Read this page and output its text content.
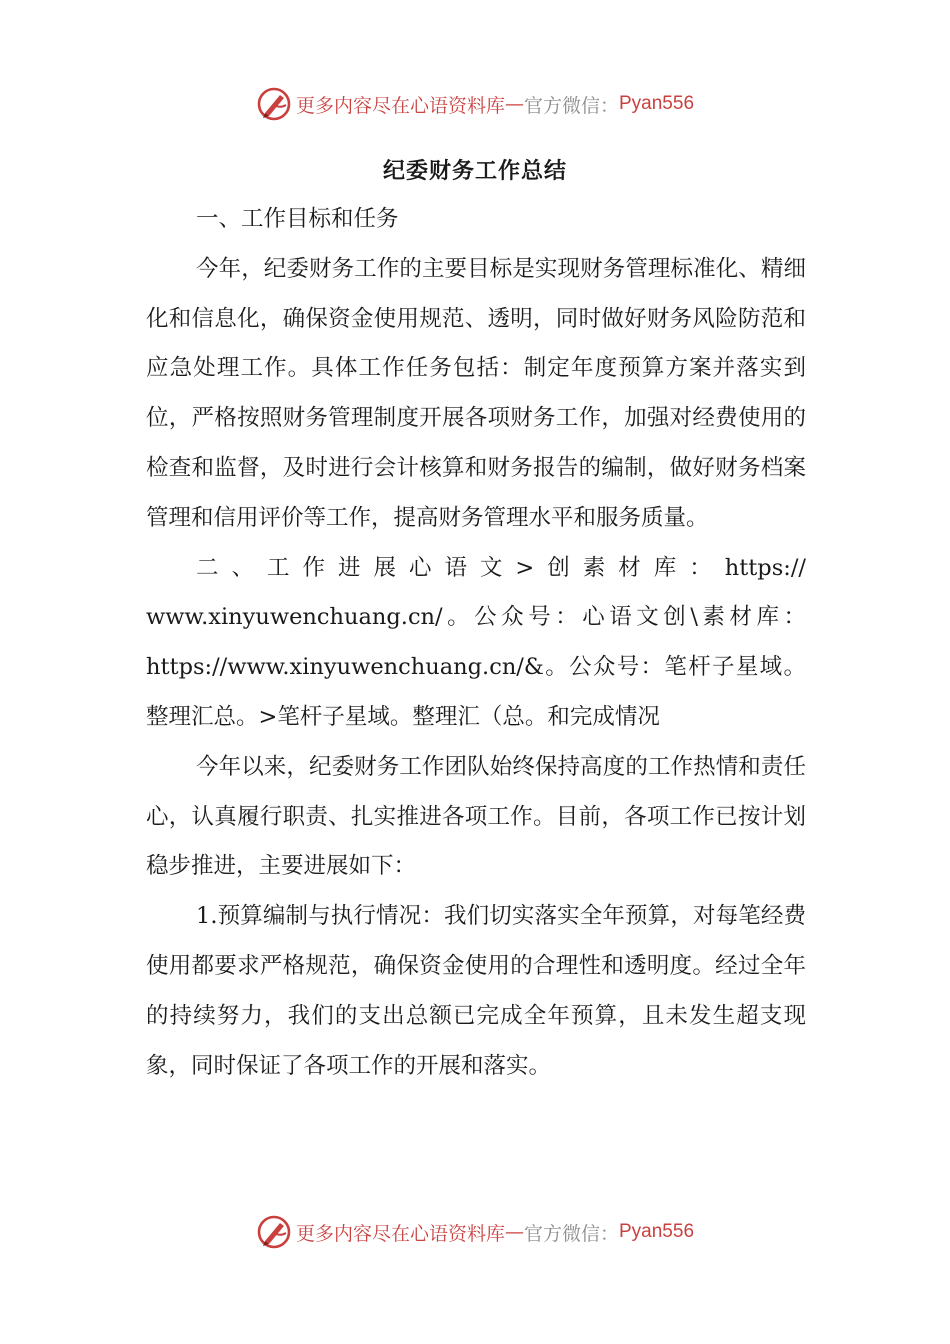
更多内容尽在心语资料库 — 官方微信： Pyan556
纪委财务工作总结

一、工作目标和任务

今年，纪委财务工作的主要目标是实现财务管理标准化、精细化和信息化，确保资金使用规范、透明，同时做好财务风险防范和应急处理工作。具体工作任务包括：制定年度预算方案并落实到位，严格按照财务管理制度开展各项财务工作，加强对经费使用的检查和监督，及时进行会计核算和财务报告的编制，做好财务档案管理和信用评价等工作，提高财务管理水平和服务质量。

二、工作进展心语文>创素材库：https://

www.xinyuwenchuang.cn/。公众号：心语文创\素材库：

https://www.xinyuwenchuang.cn/&。公众号：笔杆子星域。

整理汇总。>笔杆子星域。整理汇（总。和完成情况

今年以来，纪委财务工作团队始终保持高度的工作热情和责任心，认真履行职责、扎实推进各项工作。目前，各项工作已按计划稳步推进，主要进展如下：

1.预算编制与执行情况：我们切实落实全年预算，对每笔经费使用都要求严格规范，确保资金使用的合理性和透明度。经过全年的持续努力，我们的支出总额已完成全年预算，且未发生超支现象，同时保证了各项工作的开展和落实。

更多内容尽在心语资料库 — 官方微信： Pyan556
